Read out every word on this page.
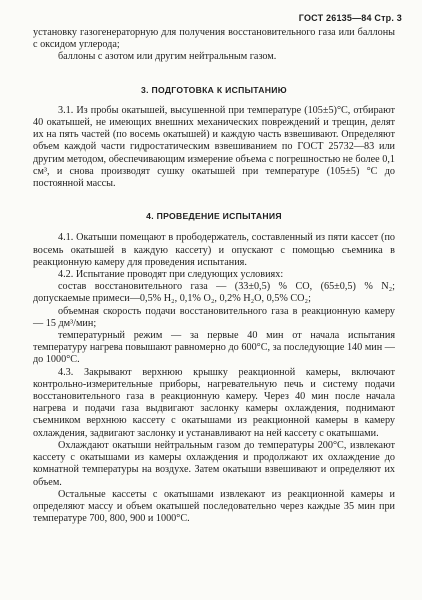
ГОСТ 26135—84 Стр. 3

установку газогенераторную для получения восстановительного газа или баллоны с оксидом углерода;

баллоны с азотом или другим нейтральным газом.

3. ПОДГОТОВКА К ИСПЫТАНИЮ

3.1. Из пробы окатышей, высушенной при температуре (105±5)°С, отбирают 40 окатышей, не имеющих внешних механических повреждений и трещин, делят их на пять частей (по восемь окатышей) и каждую часть взвешивают. Определяют объем каждой части гидростатическим взвешиванием по ГОСТ 25732—83 или другим методом, обеспечивающим измерение объема с погрешностью не более 0,1 см³, и снова производят сушку окатышей при температуре (105±5) °С до постоянной массы.

4. ПРОВЕДЕНИЕ ИСПЫТАНИЯ

4.1. Окатыши помещают в прободержатель, составленный из пяти кассет (по восемь окатышей в каждую кассету) и опускают с помощью съемника в реакционную камеру для проведения испытания.

4.2. Испытание проводят при следующих условиях:

состав восстановительного газа — (33±0,5) % СО, (65±0,5) % N₂; допускаемые примеси—0,5% Н₂, 0,1% О₂, 0,2% Н₂О, 0,5% СО₂;

объемная скорость подачи восстановительного газа в реакционную камеру — 15 дм³/мин;

температурный режим — за первые 40 мин от начала испытания температуру нагрева повышают равномерно до 600°С, за последующие 140 мин — до 1000°С.

4.3. Закрывают верхнюю крышку реакционной камеры, включают контрольно-измерительные приборы, нагревательную печь и систему подачи восстановительного газа в реакционную камеру. Через 40 мин после начала нагрева и подачи газа выдвигают заслонку камеры охлаждения, поднимают съемником верхнюю кассету с окатышами из реакционной камеры в камеру охлаждения, задвигают заслонку и устанавливают на ней кассету с окатышами.

Охлаждают окатыши нейтральным газом до температуры 200°С, извлекают кассету с окатышами из камеры охлаждения и продолжают их охлаждение до комнатной температуры на воздухе. Затем окатыши взвешивают и определяют их объем.

Остальные кассеты с окатышами извлекают из реакционной камеры и определяют массу и объем окатышей последовательно через каждые 35 мин при температуре 700, 800, 900 и 1000°С.
